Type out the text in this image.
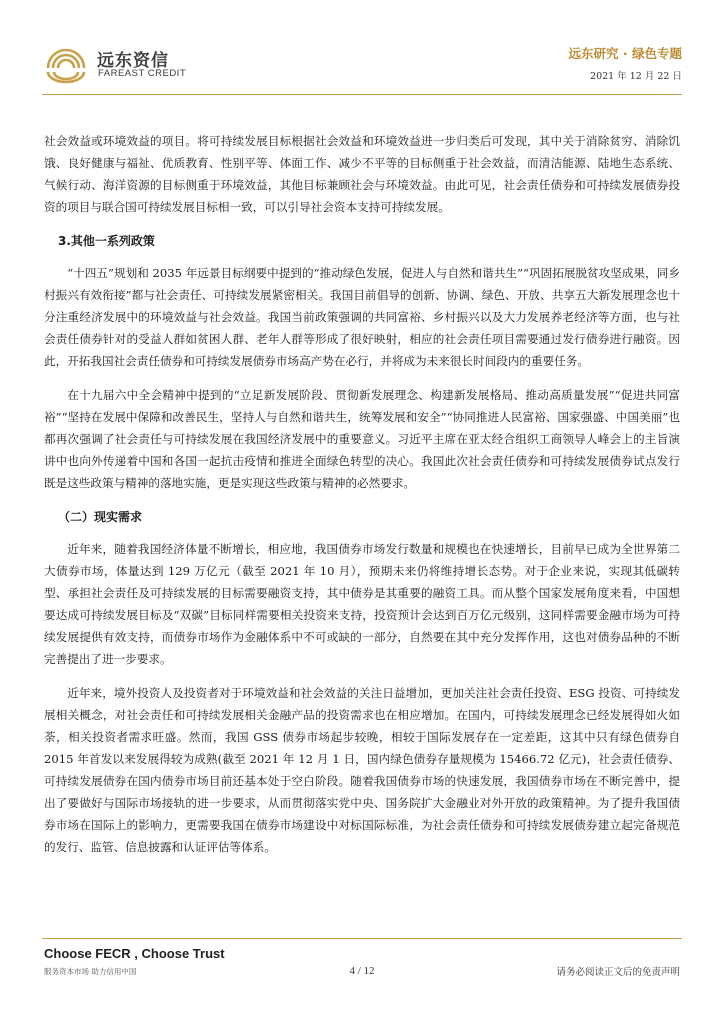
远东资信
FAREAST CREDIT
远东研究 · 绿色专题
2021 年 12 月 22 日

社会效益或环境效益的项目。将可持续发展目标根据社会效益和环境效益进一步归类后可发现，其中关于消除贫穷、消除饥饿、良好健康与福祉、优质教育、性别平等、体面工作、减少不平等的目标侧重于社会效益，而清洁能源、陆地生态系统、气候行动、海洋资源的目标侧重于环境效益，其他目标兼顾社会与环境效益。由此可见，社会责任债券和可持续发展债券投资的项目与联合国可持续发展目标相一致，可以引导社会资本支持可持续发展。

3.其他一系列政策

“十四五”规划和 2035 年远景目标纲要中提到的“推动绿色发展，促进人与自然和谐共生”“巩固拓展脱贫攻坚成果，同乡村振兴有效衔接”都与社会责任、可持续发展紧密相关。我国目前倡导的创新、协调、绿色、开放、共享五大新发展理念也十分注重经济发展中的环境效益与社会效益。我国当前政策强调的共同富裕、乡村振兴以及大力发展养老经济等方面，也与社会责任债券针对的受益人群如贫困人群、老年人群等形成了很好映射，相应的社会责任项目需要通过发行债券进行融资。因此，开拓我国社会责任债券和可持续发展债券市场高产势在必行，并将成为未来很长时间段内的重要任务。

在十九届六中全会精神中提到的“立足新发展阶段、贯彻新发展理念、构建新发展格局、推动高质量发展”“促进共同富裕”“坚持在发展中保障和改善民生，坚持人与自然和谐共生，统筹发展和安全”“协同推进人民富裕、国家强盛、中国美丽”也都再次强调了社会责任与可持续发展在我国经济发展中的重要意义。习近平主席在亚太经合组织工商领导人峰会上的主旨演讲中也向外传递着中国和各国一起抗击疫情和推进全面绿色转型的决心。我国此次社会责任债券和可持续发展债券试点发行既是这些政策与精神的落地实施，更是实现这些政策与精神的必然要求。

（二）现实需求

近年来，随着我国经济体量不断增长，相应地，我国债券市场发行数量和规模也在快速增长，目前早已成为全世界第二大债券市场，体量达到 129 万亿元（截至 2021 年 10 月），预期未来仍将维持增长态势。对于企业来说，实现其低碳转型、承担社会责任及可持续发展的目标需要融资支持，其中债券是其重要的融资工具。而从整个国家发展角度来看，中国想要达成可持续发展目标及“双碳”目标同样需要相关投资来支持，投资预计会达到百万亿元级别，这同样需要金融市场为可持续发展提供有效支持，而债券市场作为金融体系中不可或缺的一部分，自然要在其中充分发挥作用，这也对债券品种的不断完善提出了进一步要求。

近年来，境外投资人及投资者对于环境效益和社会效益的关注日益增加，更加关注社会责任投资、ESG 投资、可持续发展相关概念，对社会责任和可持续发展相关金融产品的投资需求也在相应增加。在国内，可持续发展理念已经发展得如火如荼，相关投资者需求旺盛。然而，我国 GSS 债券市场起步较晚，相较于国际发展存在一定差距，这其中只有绿色债券自 2015 年首发以来发展得较为成熟(截至 2021 年 12 月 1 日，国内绿色债券存量规模为 15466.72 亿元)，社会责任债券、可持续发展债券在国内债券市场目前还基本处于空白阶段。随着我国债券市场的快速发展，我国债券市场在不断完善中，提出了要做好与国际市场接轨的进一步要求，从而贯彻落实党中央、国务院扩大金融业对外开放的政策精神。为了提升我国债券市场在国际上的影响力，更需要我国在债券市场建设中对标国际标准，为社会责任债券和可持续发展债券建立起完备规范的发行、监管、信息披露和认证评估等体系。

Choose FECR , Choose Trust
服务资本市场 助力信用中国	4 / 12	请务必阅读正文后的免责声明
